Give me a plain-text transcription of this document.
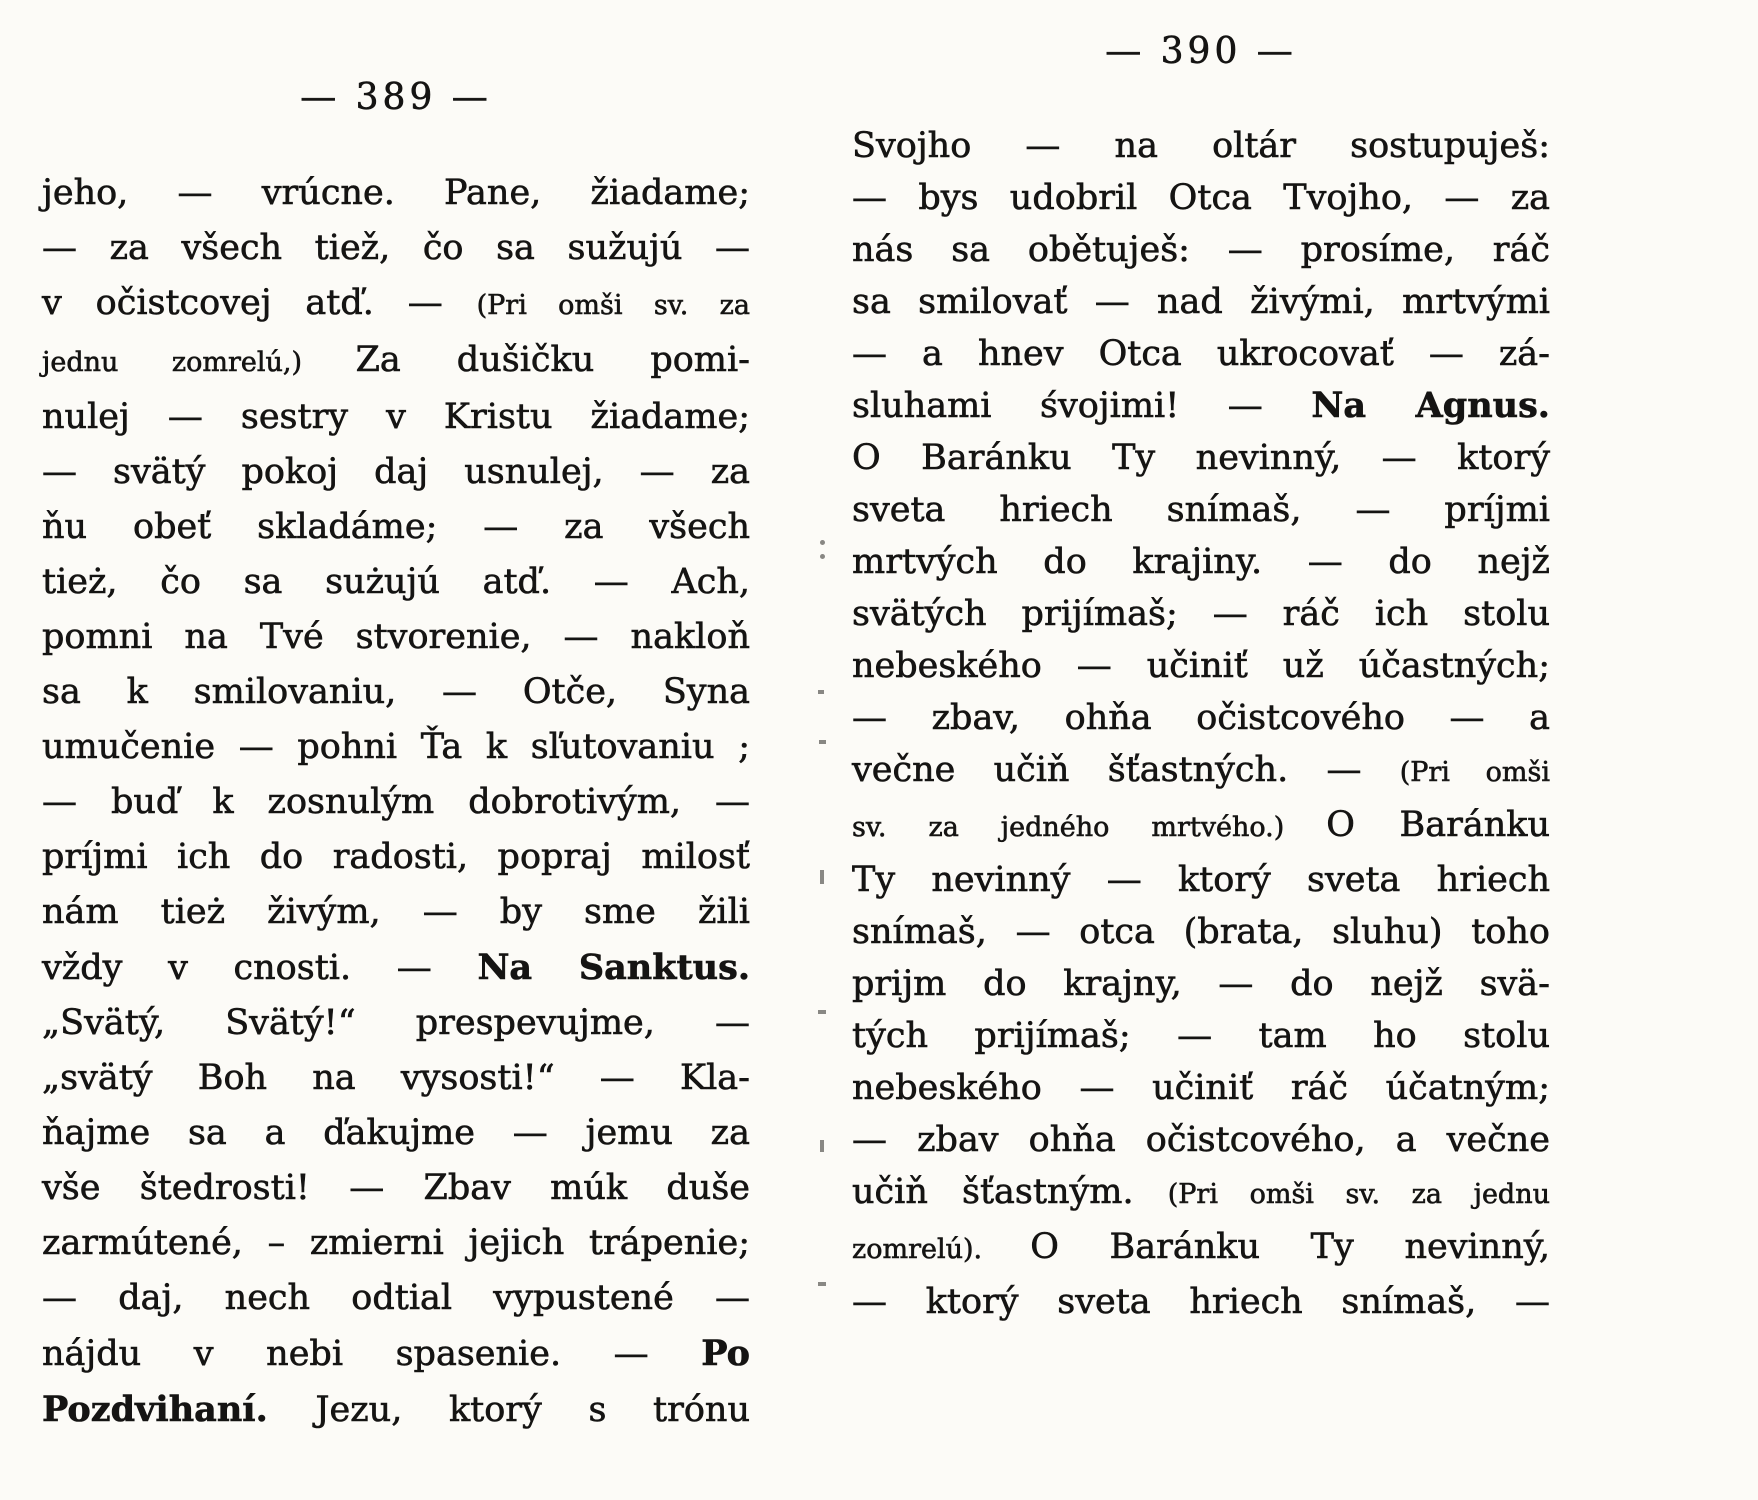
— 389 —
jeho, — vrúcne. Pane, žiadame;
— za všech tiež, čo sa sužujú —
v očistcovej atď. — (Pri omši sv. za
jednu zomrelú,) Za dušičku pomi-
nulej — sestry v Kristu žiadame;
— svätý pokoj daj usnulej, — za
ňu obeť skladáme; — za všech
tież, čo sa sużujú atď. — Ach,
pomni na Tvé stvorenie, — nakloň
sa k smilovaniu, — Otče, Syna
umučenie — pohni Ťa k sľutovaniu ;
— buď k zosnulým dobrotivým, —
príjmi ich do radosti, popraj milosť
nám tież živým, — by sme žili
vždy v cnosti. — Na Sanktus.
„Svätý, Svätý!“ prespevujme, —
„svätý Boh na vysosti!“ — Kla-
ňajme sa a ďakujme — jemu za
vše štedrosti! — Zbav múk duše
zarmútené, – zmierni jejich trápenie;
— daj, nech odtial vypustené —
nájdu v nebi spasenie. — Po
Pozdvihaní. Jezu, ktorý s trónu
— 390 —
Svojho — na oltár sostupuješ:
— bys udobril Otca Tvojho, — za
nás sa obětuješ: — prosíme, ráč
sa smilovať — nad živými, mrtvými
— a hnev Otca ukrocovať — zá-
sluhami śvojimi! — Na Agnus.
O Baránku Ty nevinný, — ktorý
sveta hriech snímaš, — príjmi
mrtvých do krajiny. — do nejž
svätých prijímaš; — ráč ich stolu
nebeského — učiniť už účastných;
— zbav, ohňa očistcového — a
večne učiň šťastných. — (Pri omši
sv. za jedného mrtvého.) O Baránku
Ty nevinný — ktorý sveta hriech
snímaš, — otca (brata, sluhu) toho
prijm do krajny, — do nejž svä-
tých prijímaš; — tam ho stolu
nebeského — učiniť ráč účatným;
— zbav ohňa očistcového, a večne
učiň šťastným. (Pri omši sv. za jednu
zomrelú). O Baránku Ty nevinný,
— ktorý sveta hriech snímaš, —
